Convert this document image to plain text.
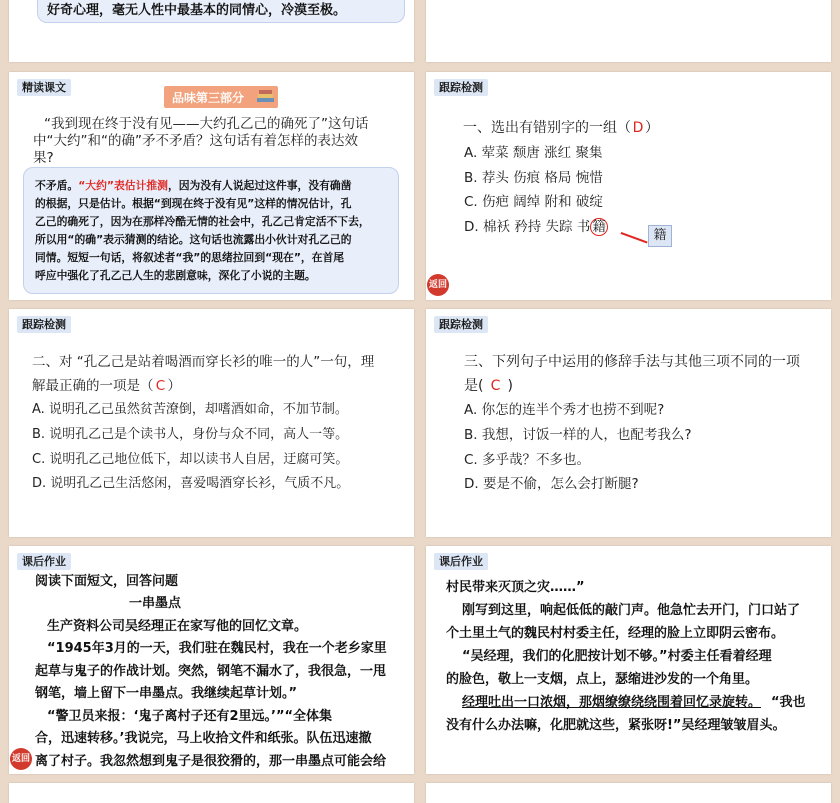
好奇心理，毫无人性中最基本的同情心，冷漠至极。
精读课文
品味第三部分
“我到现在终于没有见——大约孔乙己的确死了”这句话
中“大约”和“的确”矛不矛盾？这句话有着怎样的表达效
果?
不矛盾。“大约”表估计推测，因为没有人说起过这件事，没有确凿
的根据，只是估计。根据“到现在终于没有见”这样的情况估计，孔
乙己的确死了，因为在那样冷酷无情的社会中，孔乙己肯定活不下去，
所以用“的确”表示猜测的结论。这句话也流露出小伙计对孔乙己的
同情。短短一句话，将叙述者“我”的思绪拉回到“现在”，在首尾
呼应中强化了孔乙己人生的悲剧意味，深化了小说的主题。
跟踪检测
一、选出有错别字的一组（ D ）
A. 荤菜 颓唐 涨红 聚集
B. 荐头 伤痕 格局 惋惜
C. 伤疤 阔绰 附和 破绽
D. 棉袄 矜持 失踪 书 籍
籍
返回
跟踪检测
二、对 “孔乙己是站着喝酒而穿长衫的唯一的人”一句，理
解最正确的一项是（ C ）
A. 说明孔乙己虽然贫苦潦倒，却嗜酒如命，不加节制。
B. 说明孔乙己是个读书人，身份与众不同，高人一等。
C. 说明孔乙己地位低下，却以读书人自居，迂腐可笑。
D. 说明孔乙己生活悠闲，喜爱喝酒穿长衫，气质不凡。
跟踪检测
三、下列句子中运用的修辞手法与其他三项不同的一项
是( C )
A. 你怎的连半个秀才也捞不到呢?
B. 我想，讨饭一样的人，也配考我么?
C. 多乎哉？不多也。
D. 要是不偷，怎么会打断腿?
课后作业
阅读下面短文，回答问题
一串墨点
生产资料公司吴经理正在家写他的回忆文章。
“1945年3月的一天，我们驻在魏民村，我在一个老乡家里
起草与鬼子的作战计划。突然，钢笔不漏水了，我很急，一甩
钢笔，墙上留下一串墨点。我继续起草计划。”
“警卫员来报：‘鬼子离村子还有2里远。’”“全体集
合，迅速转移。’我说完，马上收拾文件和纸张。队伍迅速撤
离了村子。我忽然想到鬼子是很狡猾的，那一串墨点可能会给
返回
课后作业
村民带来灭顶之灾……”
刚写到这里，响起低低的敲门声。他急忙去开门，门口站了
个土里土气的魏民村村委主任，经理的脸上立即阴云密布。
“吴经理，我们的化肥按计划不够。”村委主任看着经理
的脸色，敬上一支烟，点上，瑟缩进沙发的一个角里。
经理吐出一口浓烟，那烟缭缭绕绕围着回忆录旋转。 “我也
没有什么办法嘛，化肥就这些，紧张呀!”吴经理皱皱眉头。
